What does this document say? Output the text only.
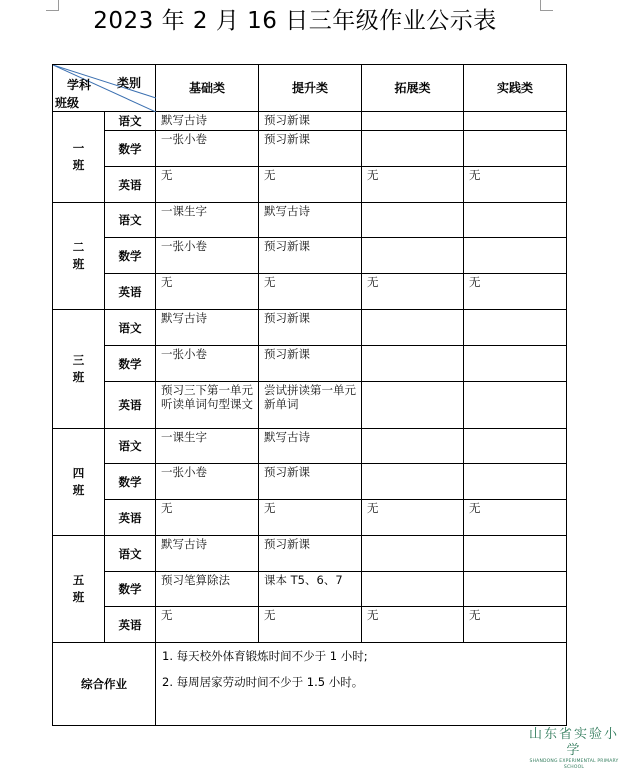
2023 年 2 月 16 日三年级作业公示表
学科 类别
班级		基础类	提升类	拓展类	实践类
一班	语文	默写古诗	预习新课		
	数学	一张小卷	预习新课		
	英语	无	无	无	无
二班	语文	一课生字	默写古诗		
	数学	一张小卷	预习新课		
	英语	无	无	无	无
三班	语文	默写古诗	预习新课		
	数学	一张小卷	预习新课		
	英语	预习三下第一单元听读单词句型课文	尝试拼读第一单元新单词		
四班	语文	一课生字	默写古诗		
	数学	一张小卷	预习新课		
	英语	无	无	无	无
五班	语文	默写古诗	预习新课		
	数学	预习笔算除法	课本 T5、6、7		
	英语	无	无	无	无
综合作业		1. 每天校外体育锻炼时间不少于 1 小时;
2. 每周居家劳动时间不少于 1.5 小时。			
山东省实验小学
SHANDONG EXPERIMENTAL PRIMARY SCHOOL
